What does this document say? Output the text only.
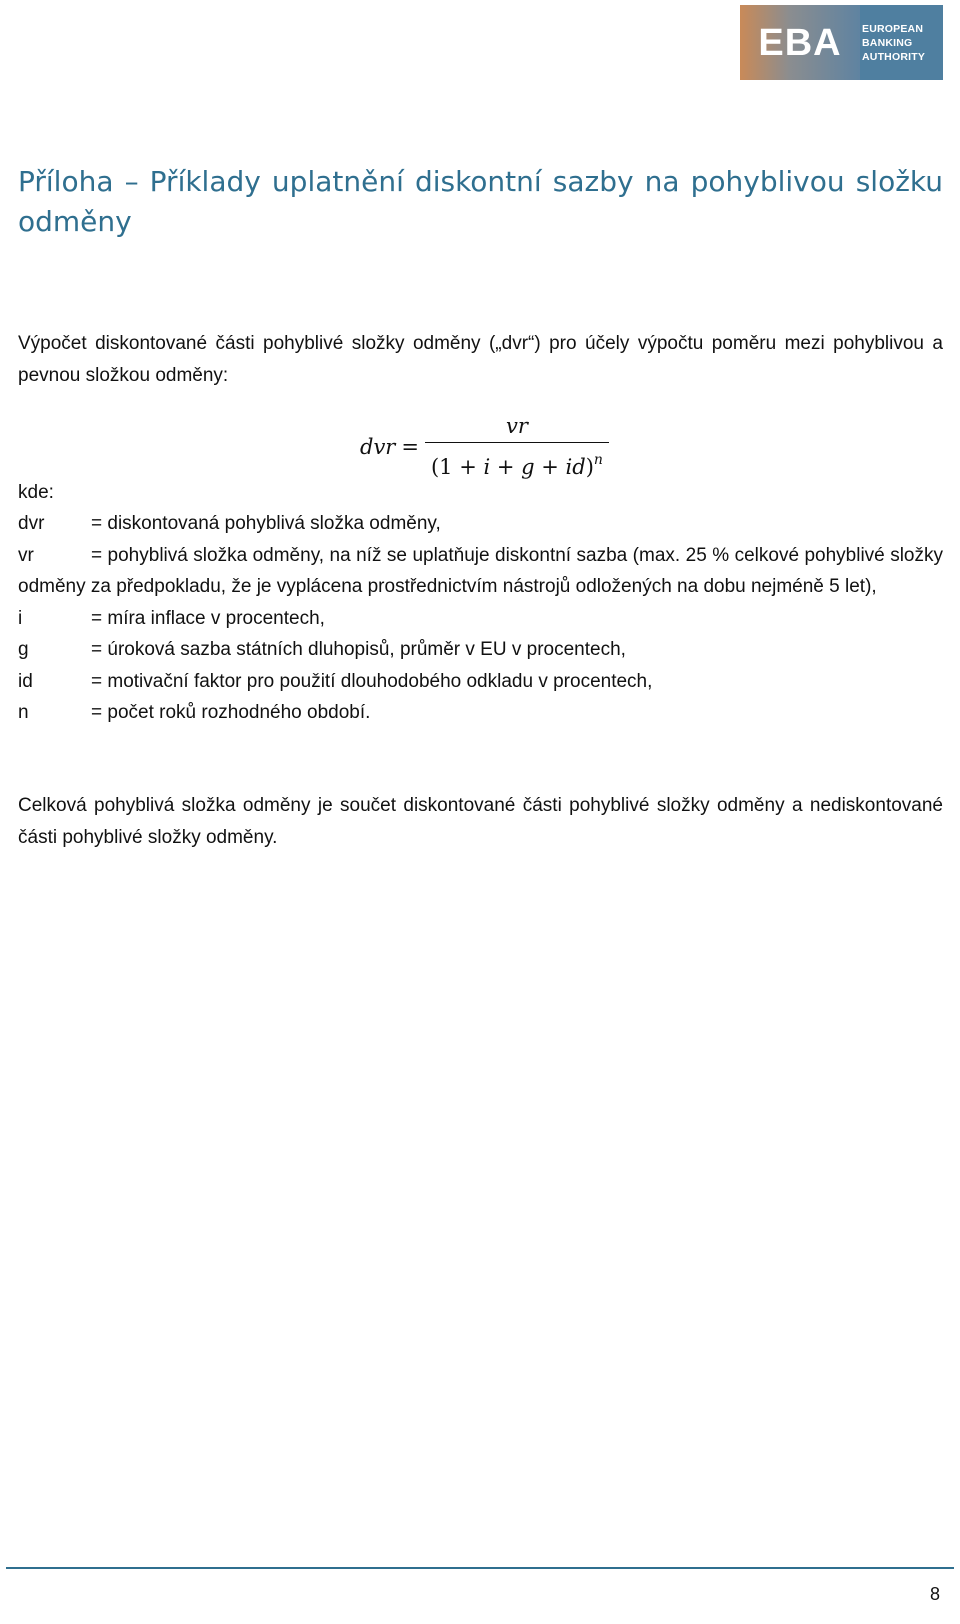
EBA EUROPEAN
BANKING
AUTHORITY
Příloha – Příklady uplatnění diskontní sazby na pohyblivou složku odměny

Výpočet diskontované části pohyblivé složky odměny („dvr“) pro účely výpočtu poměru mezi pohyblivou a pevnou složkou odměny:

dvr = $\frac{vr}{(1 + i + g + id)^n}$

kde:

dvr	= diskontovaná pohyblivá složka odměny,
vr	= pohyblivá složka odměny, na níž se uplatňuje diskontní sazba (max. 25 % celkové pohyblivé složky odměny za předpokladu, že je vyplácena prostřednictvím nástrojů odložených na dobu nejméně 5 let),
i	= míra inflace v procentech,
g	= úroková sazba státních dluhopisů, průměr v EU v procentech,
id	= motivační faktor pro použití dlouhodobého odkladu v procentech,
n	= počet roků rozhodného období.

Celková pohyblivá složka odměny je součet diskontované části pohyblivé složky odměny a nediskontované části pohyblivé složky odměny.

8
